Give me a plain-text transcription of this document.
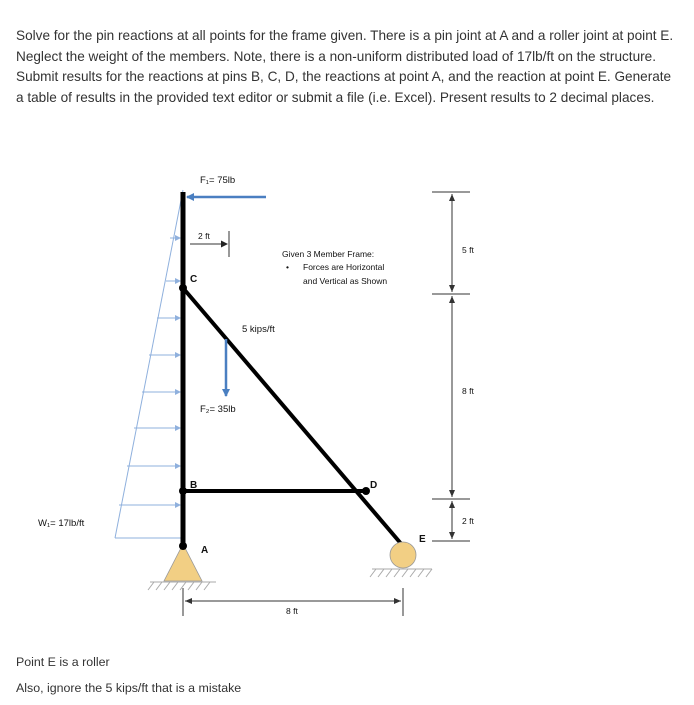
Solve for the pin reactions at all points for the frame given. There is a pin joint at A and a roller joint at point E. Neglect the weight of the members. Note, there is a non-uniform distributed load of 17lb/ft on the structure. Submit results for the reactions at pins B, C, D, the reactions at point A, and the reaction at point E. Generate a table of results in the provided text editor or submit a file (i.e. Excel). Present results to 2 decimal places.

F₁= 75lb
F₂= 35lb
5 kips/ft
2 ft
C
B	D
A
E
W₁= 17lb/ft
Given 3 Member Frame:
• Forces are Horizontal
and Vertical as Shown
5 ft
8 ft
2 ft
8 ft

Point E is a roller

Also, ignore the 5 kips/ft that is a mistake
